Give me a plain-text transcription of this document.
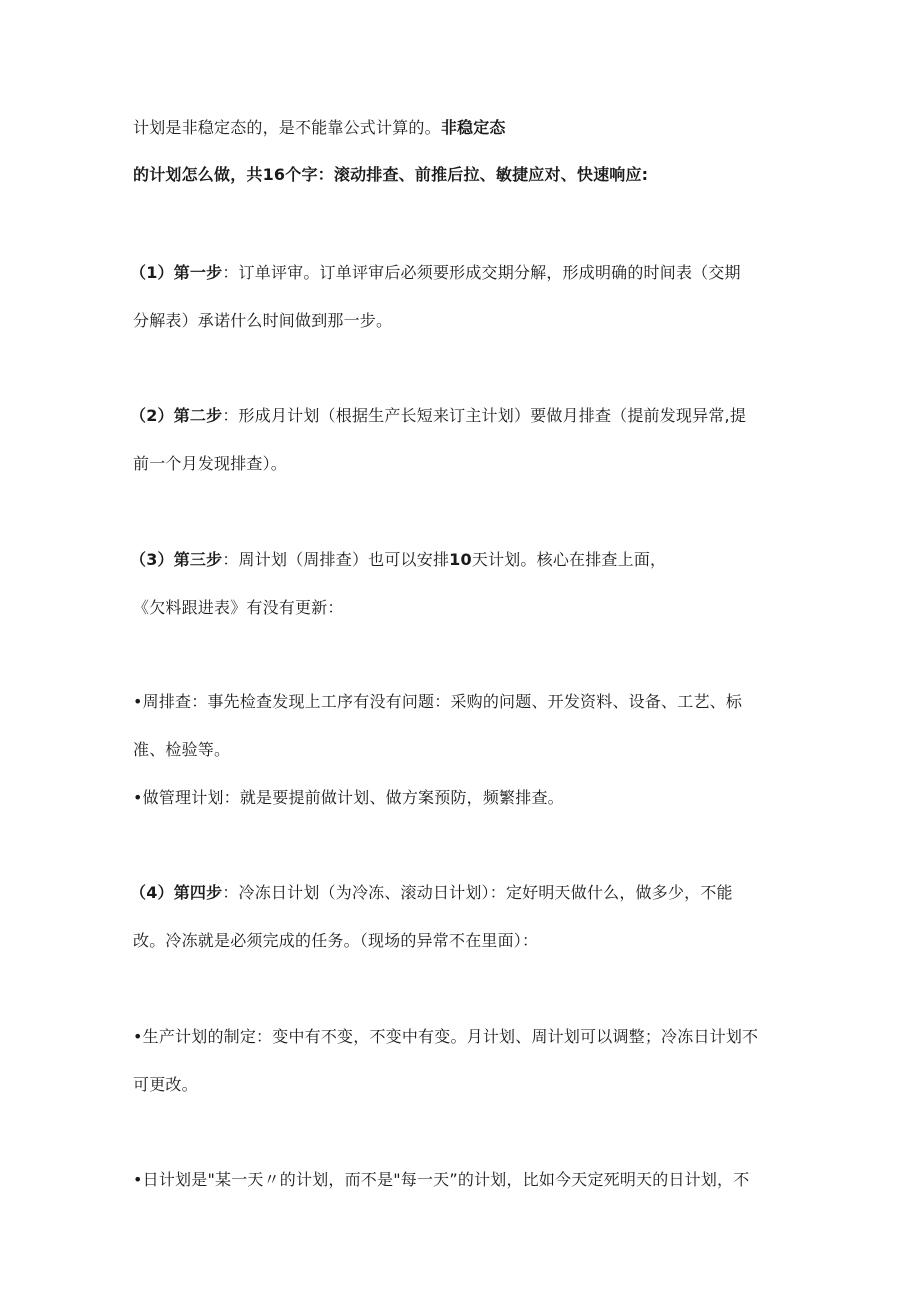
计划是非稳定态的，是不能靠公式计算的。非稳定态
的计划怎么做，共16个字：滚动排查、前推后拉、敏捷应对、快速响应:
（1）第一步：订单评审。订单评审后必须要形成交期分解，形成明确的时间表（交期
分解表）承诺什么时间做到那一步。
（2）第二步：形成月计划（根据生产长短来订主计划）要做月排查（提前发现异常,提
前一个月发现排查）。
（3）第三步：周计划（周排查）也可以安排10天计划。核心在排查上面，
《欠料跟进表》有没有更新：
•周排查：事先检查发现上工序有没有问题：采购的问题、开发资料、设备、工艺、标
准、检验等。
•做管理计划：就是要提前做计划、做方案预防，频繁排查。
（4）第四步：冷冻日计划（为冷冻、滚动日计划）：定好明天做什么，做多少，不能
改。冷冻就是必须完成的任务。（现场的异常不在里面）：
•生产计划的制定：变中有不变，不变中有变。月计划、周计划可以调整；冷冻日计划不
可更改。
•日计划是"某一天〃的计划，而不是"每一天”的计划，比如今天定死明天的日计划，不
